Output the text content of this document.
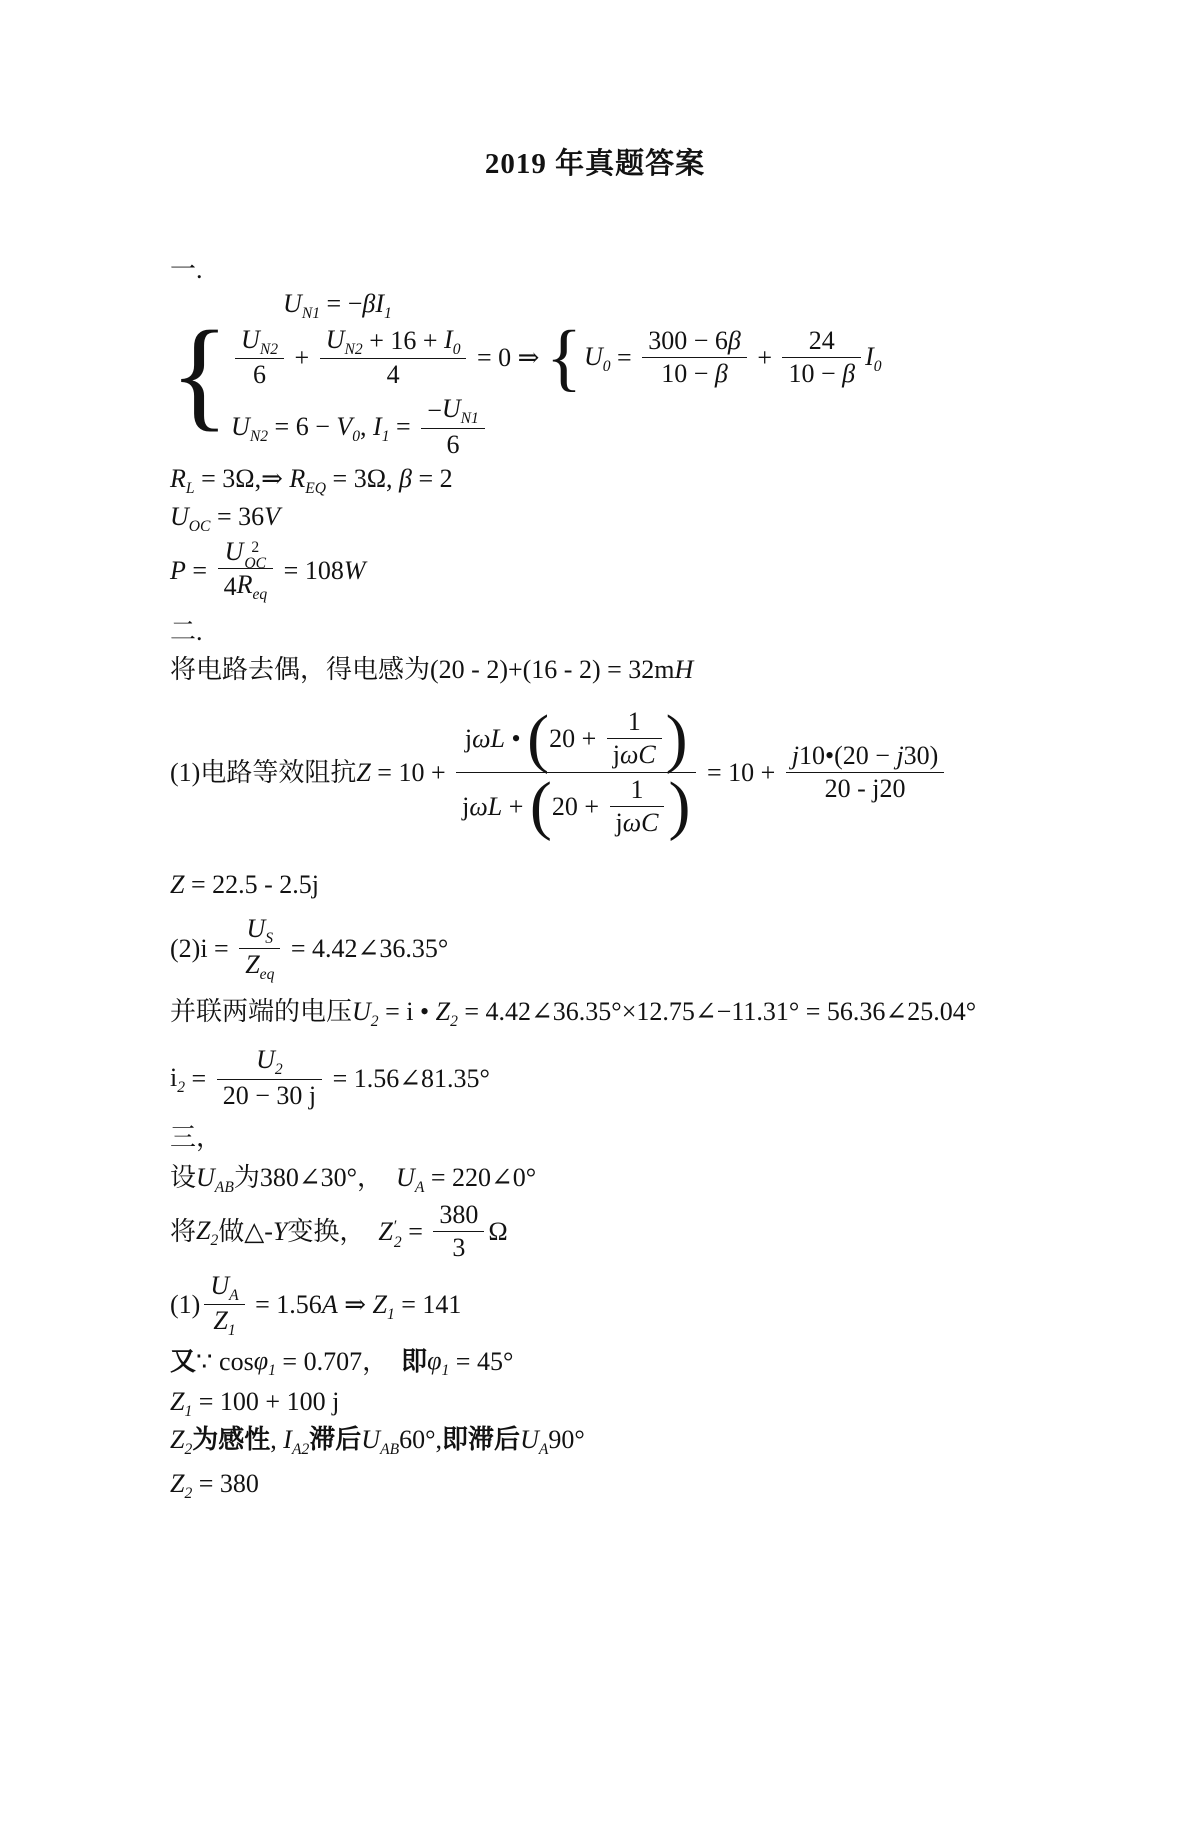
2019 年真题答案
一.
{
$U_{N1}$ = − β $I_1$
$\frac{U_{N2}}{6} + \frac{U_{N2} + 16 + I_0}{4} = 0$ ⇒ { $U_0 = \frac{300 - 6 \beta}{10 - \beta} + \frac{24}{10 - \beta} I_0$
$U_{N2} = 6 - V_0$ , $I_1 = \frac{- U_{N1}}{6}$
$R_L$ = 3Ω,⇒ $R_{EQ} = 3\Omega$, β = 2
$U_{OC} = 36$ V
P =
U 2
OC
4 $R_{eq}$
= 108 W
二.
将电路去偶，得电感为(20 - 2)+(16 - 2) = 32m H
(1)电路等效阻抗 Z = 10 +
j ωL • ( 20 +
1
j ωC )
j ωL + ( 20 +
1
j ωC ) = $10 + \frac{j 10•(20 - j 30)}{20 - j20}$
Z = 22.5 - 2.5j
(2)i =
$U_S$
$Z_{eq}$
= 4.42∠36.35°
并联两端的电压 $U_2 = i$ • $Z_2$ = 4.42∠36.35°×12.75∠−11.31° = 56.36∠25.04°
$i_2 = \frac{U_2}{20 - 30 j}$ = 1.56∠81.35°
三，
设 $U_{AB}$ 为380∠30°， $U_A$ = 220∠0°
将 $Z_2$ 做△- Y 变换， Z ′
$2 = \frac{380}{3}$ Ω
$(1) \frac{U_A}{Z_1} = 1.56$ A ⇒ $Z_1 = 141$
又 ∵ $\cos \varphi_1 = 0.707$， 即 $\varphi_1 = 45^\circ$
$Z_1 = 100 + 100$ j
$Z_2$ 为感性 , $I_{A2}$ 滞后 $U_{AB}$ 60°, 即滞后 $U_A$ 90°
$Z_2 = 380$
